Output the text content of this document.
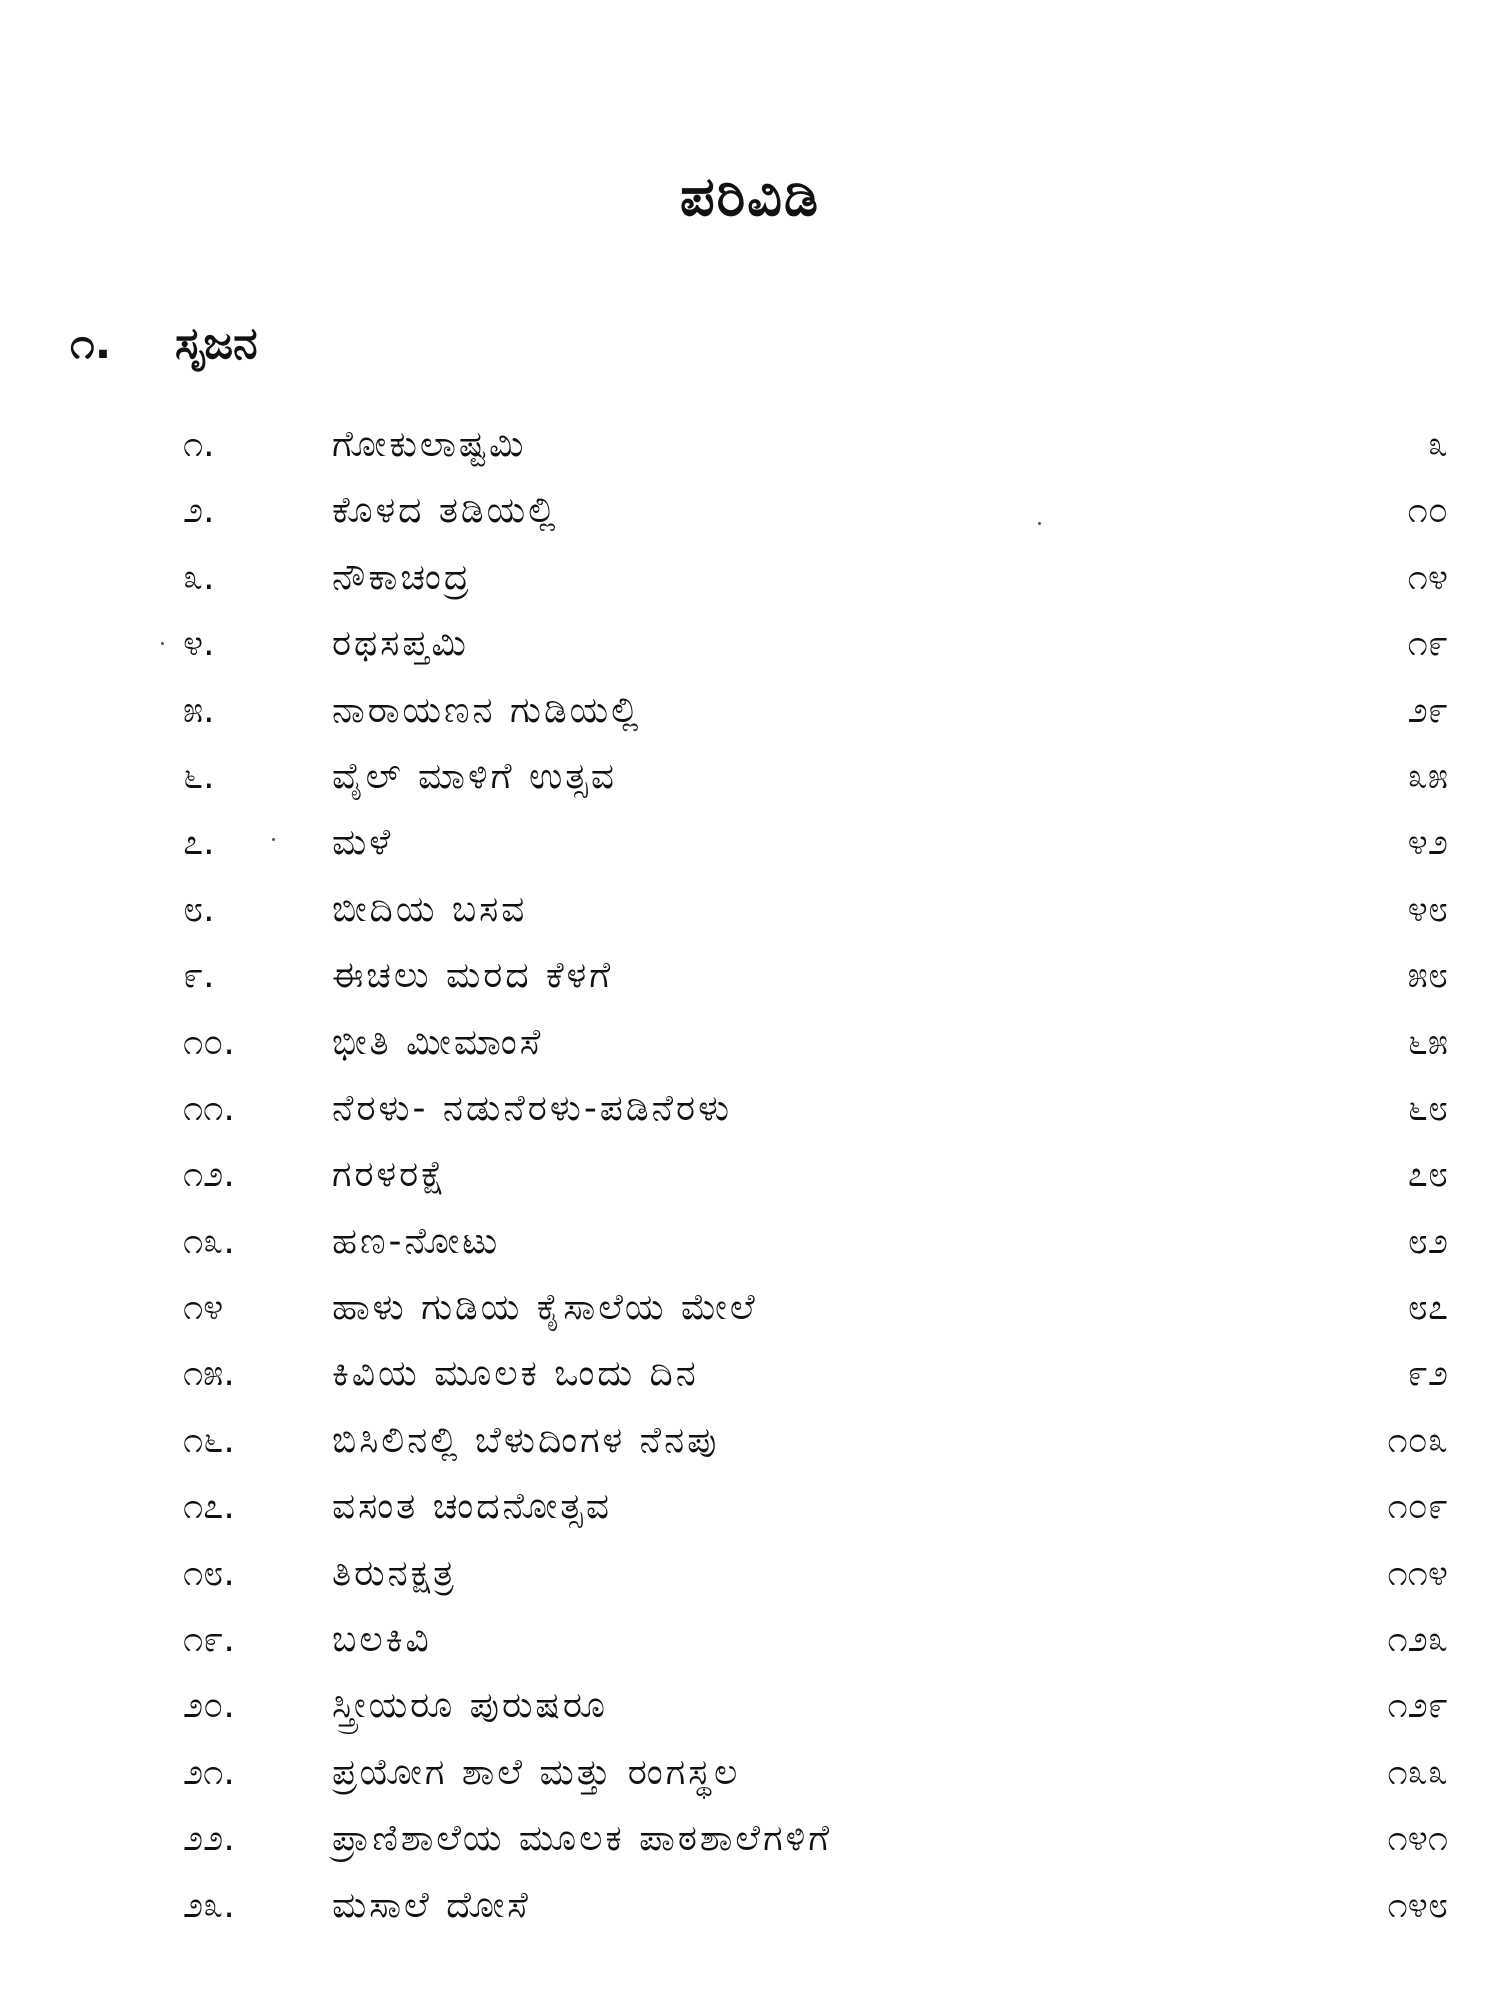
ಪರಿವಿಡಿ
೧. ಸೃಜನ
೧.	ಗೋಕುಲಾಷ್ಟಮಿ	೩
೨.	ಕೊಳದ ತಡಿಯಲ್ಲಿ	೧೦
೩.	ನೌಕಾಚಂದ್ರ	೧೪
೪.	ರಥಸಪ್ತಮಿ	೧೯
೫.	ನಾರಾಯಣನ ಗುಡಿಯಲ್ಲಿ	೨೯
೬.	ವೈಲ್ ಮಾಳಿಗೆ ಉತ್ಸವ	೩೫
೭.	ಮಳೆ	೪೨
೮.	ಬೀದಿಯ ಬಸವ	೪೮
೯.	ಈಚಲು ಮರದ ಕೆಳಗೆ	೫೮
೧೦.	ಭೀತಿ ಮೀಮಾಂಸೆ	೬೫
೧೧.	ನೆರಳು- ನಡುನೆರಳು-ಪಡಿನೆರಳು	೬೮
೧೨.	ಗರಳರಕ್ಷೆ	೭೮
೧೩.	ಹಣ-ನೋಟು	೮೨
೧೪	ಹಾಳು ಗುಡಿಯ ಕೈಸಾಲೆಯ ಮೇಲೆ	೮೭
೧೫.	ಕಿವಿಯ ಮೂಲಕ ಒಂದು ದಿನ	೯೨
೧೬.	ಬಿಸಿಲಿನಲ್ಲಿ ಬೆಳುದಿಂಗಳ ನೆನಪು	೧೦೩
೧೭.	ವಸಂತ ಚಂದನೋತ್ಸವ	೧೦೯
೧೮.	ತಿರುನಕ್ಷತ್ರ	೧೧೪
೧೯.	ಬಲಕಿವಿ	೧೨೩
೨೦.	ಸ್ತ್ರೀಯರೂ ಪುರುಷರೂ	೧೨೯
೨೧.	ಪ್ರಯೋಗ ಶಾಲೆ ಮತ್ತು ರಂಗಸ್ಥಲ	೧೩೩
೨೨.	ಪ್ರಾಣಿಶಾಲೆಯ ಮೂಲಕ ಪಾಠಶಾಲೆಗಳಿಗೆ	೧೪೧
೨೩.	ಮಸಾಲೆ ದೋಸೆ	೧೪೮
